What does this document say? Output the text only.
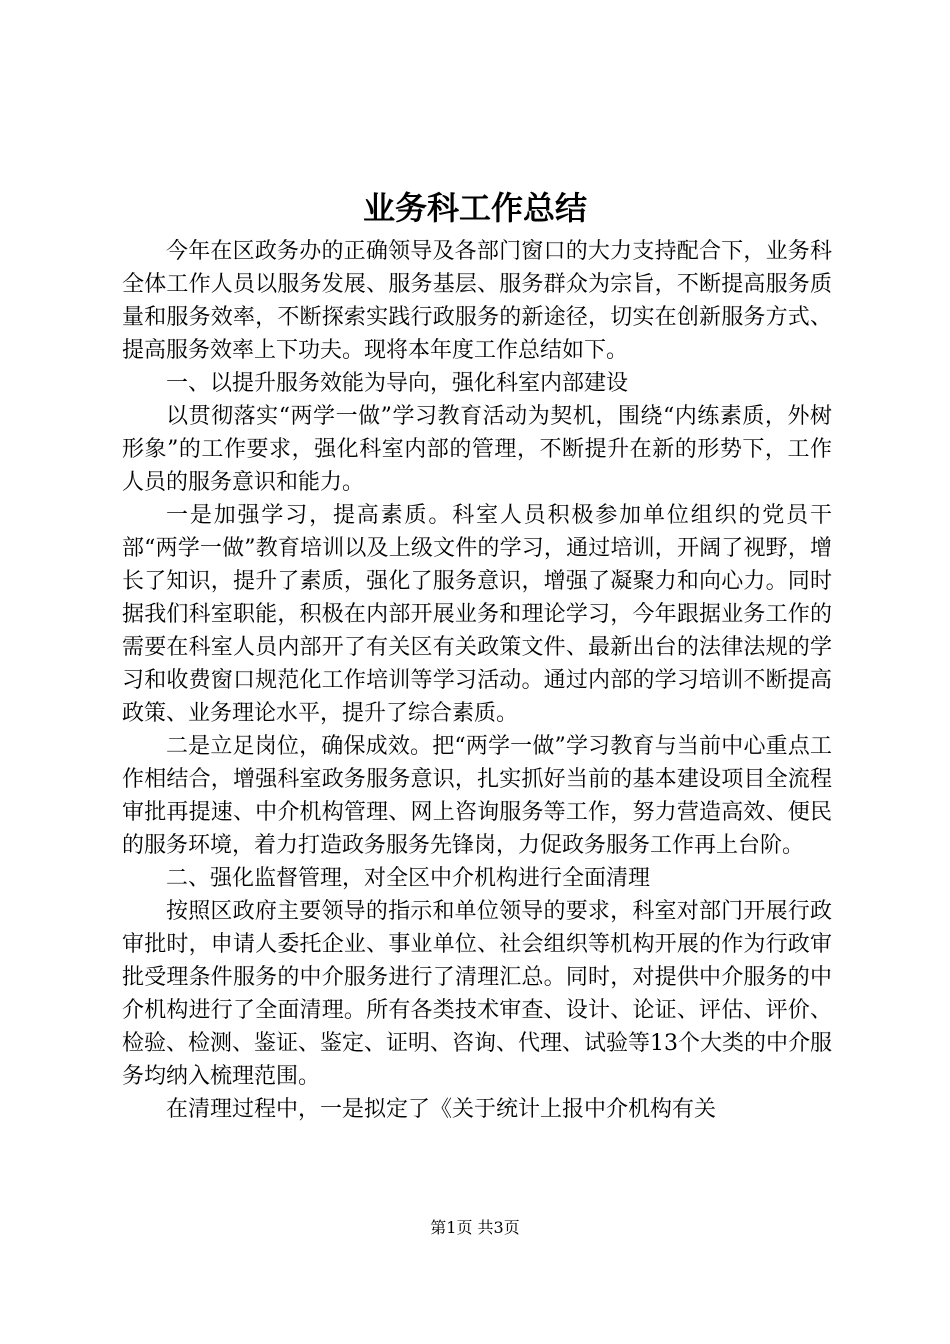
业务科工作总结

今年在区政务办的正确领导及各部门窗口的大力支持配合下，业务科全体工作人员以服务发展、服务基层、服务群众为宗旨，不断提高服务质量和服务效率，不断探索实践行政服务的新途径，切实在创新服务方式、提高服务效率上下功夫。现将本年度工作总结如下。

一、以提升服务效能为导向，强化科室内部建设

以贯彻落实“两学一做”学习教育活动为契机，围绕“内练素质，外树形象”的工作要求，强化科室内部的管理，不断提升在新的形势下，工作人员的服务意识和能力。

一是加强学习，提高素质。科室人员积极参加单位组织的党员干部“两学一做”教育培训以及上级文件的学习，通过培训，开阔了视野，增长了知识，提升了素质，强化了服务意识，增强了凝聚力和向心力。同时据我们科室职能，积极在内部开展业务和理论学习，今年跟据业务工作的需要在科室人员内部开了有关区有关政策文件、最新出台的法律法规的学习和收费窗口规范化工作培训等学习活动。通过内部的学习培训不断提高政策、业务理论水平，提升了综合素质。

二是立足岗位，确保成效。把“两学一做”学习教育与当前中心重点工作相结合，增强科室政务服务意识，扎实抓好当前的基本建设项目全流程审批再提速、中介机构管理、网上咨询服务等工作，努力营造高效、便民的服务环境，着力打造政务服务先锋岗，力促政务服务工作再上台阶。

二、强化监督管理，对全区中介机构进行全面清理

按照区政府主要领导的指示和单位领导的要求，科室对部门开展行政审批时，申请人委托企业、事业单位、社会组织等机构开展的作为行政审批受理条件服务的中介服务进行了清理汇总。同时，对提供中介服务的中介机构进行了全面清理。所有各类技术审查、设计、论证、评估、评价、检验、检测、鉴证、鉴定、证明、咨询、代理、试验等13个大类的中介服务均纳入梳理范围。

在清理过程中，一是拟定了《关于统计上报中介机构有关

第1页 共3页
